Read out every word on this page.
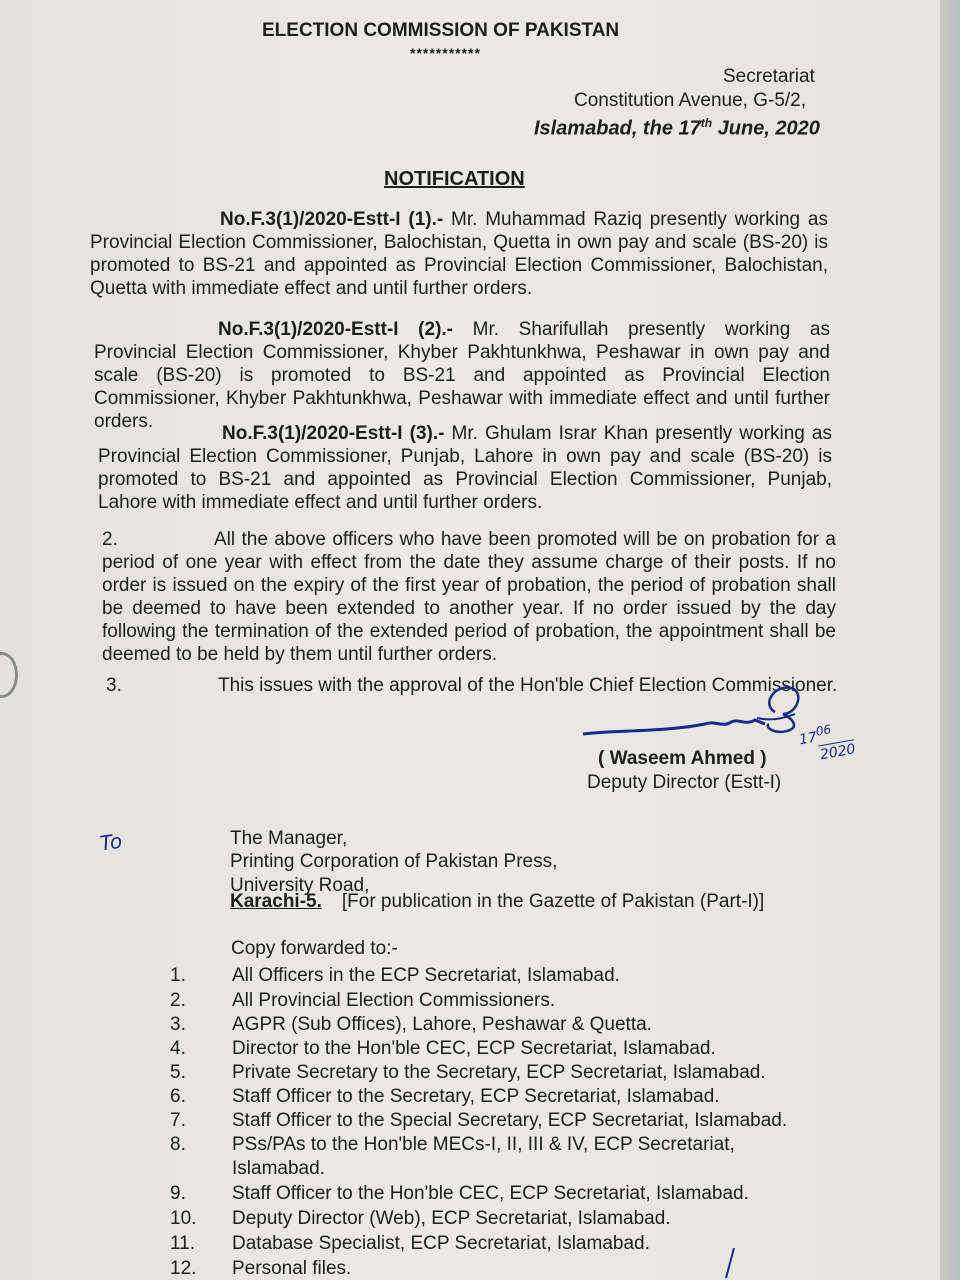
ELECTION COMMISSION OF PAKISTAN
***********
Secretariat
Constitution Avenue, G-5/2,
Islamabad, the 17th June, 2020
NOTIFICATION
No.F.3(1)/2020-Estt-I (1).- Mr. Muhammad Raziq presently working as Provincial Election Commissioner, Balochistan, Quetta in own pay and scale (BS-20) is promoted to BS-21 and appointed as Provincial Election Commissioner, Balochistan, Quetta with immediate effect and until further orders.
No.F.3(1)/2020-Estt-I (2).- Mr. Sharifullah presently working as Provincial Election Commissioner, Khyber Pakhtunkhwa, Peshawar in own pay and scale (BS-20) is promoted to BS-21 and appointed as Provincial Election Commissioner, Khyber Pakhtunkhwa, Peshawar with immediate effect and until further orders.
No.F.3(1)/2020-Estt-I (3).- Mr. Ghulam Israr Khan presently working as Provincial Election Commissioner, Punjab, Lahore in own pay and scale (BS-20) is promoted to BS-21 and appointed as Provincial Election Commissioner, Punjab, Lahore with immediate effect and until further orders.
2.	All the above officers who have been promoted will be on probation for a period of one year with effect from the date they assume charge of their posts. If no order is issued on the expiry of the first year of probation, the period of probation shall be deemed to have been extended to another year. If no order issued by the day following the termination of the extended period of probation, the appointment shall be deemed to be held by them until further orders.
3.	This issues with the approval of the Hon'ble Chief Election Commissioner.
( Waseem Ahmed )
Deputy Director (Estt-I)
$17^{06}$
2020
To	The Manager,
Printing Corporation of Pakistan Press,
University Road,
Karachi-5. [For publication in the Gazette of Pakistan (Part-I)]
Copy forwarded to:-
1.	All Officers in the ECP Secretariat, Islamabad.
2.	All Provincial Election Commissioners.
3.	AGPR (Sub Offices), Lahore, Peshawar & Quetta.
4.	Director to the Hon'ble CEC, ECP Secretariat, Islamabad.
5.	Private Secretary to the Secretary, ECP Secretariat, Islamabad.
6.	Staff Officer to the Secretary, ECP Secretariat, Islamabad.
7.	Staff Officer to the Special Secretary, ECP Secretariat, Islamabad.
8.	PSs/PAs to the Hon'ble MECs-I, II, III & IV, ECP Secretariat,
Islamabad.
9.	Staff Officer to the Hon'ble CEC, ECP Secretariat, Islamabad.
10.	Deputy Director (Web), ECP Secretariat, Islamabad.
11.	Database Specialist, ECP Secretariat, Islamabad.
12.	Personal files.
